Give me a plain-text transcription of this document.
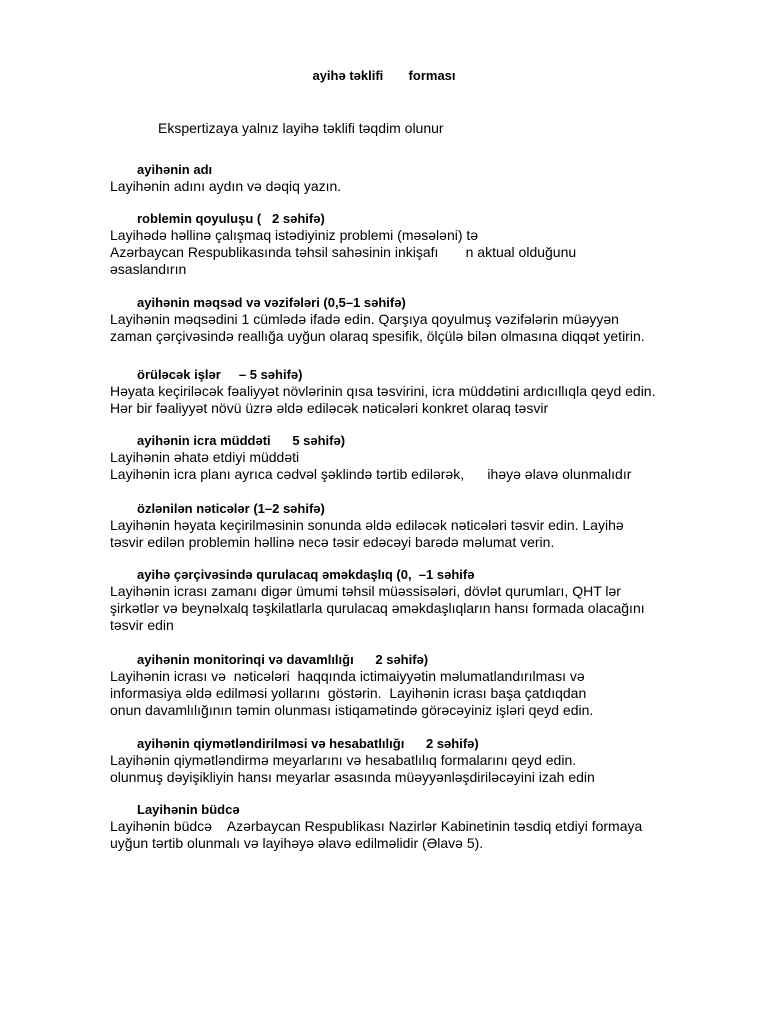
ayihə təklifi       forması
Ekspertizaya yalnız layihə təklifi təqdim olunur
ayihənin adı
Layihənin adını aydın və dəqiq yazın.
roblemin qoyuluşu (   2 səhifə)
Layihədə həllinə çalışmaq istədiyiniz problemi (məsələni) tə
Azərbaycan Respublikasında təhsil sahəsinin inkişafı       n aktual olduğunu
əsaslandırın
ayihənin məqsəd və vəzifələri (0,5–1 səhifə)
Layihənin məqsədini 1 cümlədə ifadə edin. Qarşıya qoyulmuş vəzifələrin müəyyən
zaman çərçivəsində reallığa uyğun olaraq spesifik, ölçülə bilən olmasına diqqət yetirin.
örüləcək işlər     – 5 səhifə)
Həyata keçiriləcək fəaliyyət növlərinin qısa təsvirini, icra müddətini ardıcıllıqla qeyd edin.
Hər bir fəaliyyət növü üzrə əldə ediləcək nəticələri konkret olaraq təsvir
ayihənin icra müddəti      5 səhifə)
Layihənin əhatə etdiyi müddəti
Layihənin icra planı ayrıca cədvəl şəklində tərtib edilərək,      ihəyə əlavə olunmalıdır
özlənilən nəticələr (1–2 səhifə)
Layihənin həyata keçirilməsinin sonunda əldə ediləcək nəticələri təsvir edin. Layihə
təsvir edilən problemin həllinə necə təsir edəcəyi barədə məlumat verin.
ayihə çərçivəsində qurulacaq əməkdaşlıq (0,  –1 səhifə
Layihənin icrası zamanı digər ümumi təhsil müəssisələri, dövlət qurumları, QHT lər
şirkətlər və beynəlxalq təşkilatlarla qurulacaq əməkdaşlıqların hansı formada olacağını
təsvir edin
ayihənin monitorinqi və davamlılığı      2 səhifə)
Layihənin icrası və  nəticələri  haqqında ictimaiyyətin məlumatlandırılması və
informasiya əldə edilməsi yollarını  göstərin.  Layihənin icrası başa çatdıqdan
onun davamlılığının təmin olunması istiqamətində görəcəyiniz işləri qeyd edin.
ayihənin qiymətləndirilməsi və hesabatlılığı      2 səhifə)
Layihənin qiymətləndirmə meyarlarını və hesabatlılıq formalarını qeyd edin.
olunmuş dəyişikliyin hansı meyarlar əsasında müəyyənləşdiriləcəyini izah edin
Layihənin büdcə
Layihənin büdcə    Azərbaycan Respublikası Nazirlər Kabinetinin təsdiq etdiyi formaya
uyğun tərtib olunmalı və layihəyə əlavə edilməlidir (Əlavə 5).
